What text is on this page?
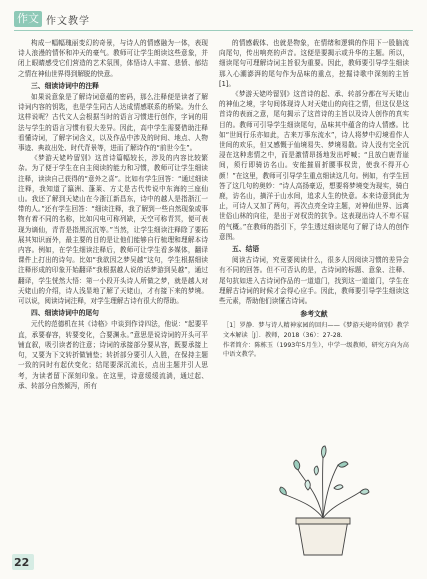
作文 作文教学

构成一幅幅瑰丽变幻的奇景，与诗人的情感融为一体，表现诗人浪漫的情怀和冲天的豪气。教师可让学生朗读这些意象，并闭上眼睛感受它们营造的艺术氛围，体悟诗人丰富、悲愤、郁结之情在神仙世界得到解脱的快意。

三、细读诗词中的注释

如果说意象是了解诗词意蕴的密码，那么注释便是读者了解诗词内容的钥匙，也是学生同古人达成情感联系的桥梁。为什么这样说呢？古代文人会根据当时的语言习惯进行创作，字词的用法与学生的语言习惯有很大差异。因此，高中学生需要借助注释看懂诗词，了解字词含义，以及作品中涉及的时间、地点、人物事迹、典故出处、时代背景等，进而了解诗作的“前世今生”。

《梦游天姥吟留别》这首诗篇幅较长，涉及的内容比较繁杂。为了便于学生在自主阅读的能力和习惯，教师可让学生细读注释，读读自己获得的“意外之喜”。比如有学生回答：“通过细读注释，我知道了瀛洲、蓬莱、方丈是古代传说中东海的三座仙山。我还了解到天姥山在今浙江新昌东，诗中的越人是指浙江一带的人。”还有学生回答：“细读注释，我了解到一些自然现象或事物有着不同的名称，比如闪电可称列缺，天空可称青冥，便可表现为谪仙，青青是指黑沉沉等。”当然，让学生细读注释除了要拓展其知识面外，最主要的目的是让他们能够自行梳理和理解本诗内容。例如，在学生细读注释后，教师可让学生看多媒体，翻译课件上打出的诗句。比如“我欲因之梦吴越”这句，学生根据细读注释形成的印象开始翻译“我根据越人说的话梦游到吴越”，通过翻译，学生恍然大悟：第一小段开头诗人所做之梦，就是越人对天姥山的介绍，诗人浅显地了解了天姥山，才有接下来的梦境。可以说，阅读诗词注释，对学生理解古诗有很大的帮助。

四、细读诗词中的尾句

元代的范德机在其《诗格》中谈到作诗四法，他说：“起要平直，承要春容，转要变化，合要渊永。”意思是说诗词的开头可平铺直叙，吸引读者的注意；诗词的承接部分要从容，既要承接上句，又要为下文转折做铺垫；转折部分要引人入胜，在保持主题一致的同时有起伏变化；结尾要深沉流长，点出主题并引人思考，为读者留下深刻印象。在这里，诗意缓缓流淌，通过起、承、转部分自然倾泻，所有

的情感载体、也就是物象，在情绪和逻辑的作用下一股脑流向尾句，传出响亮的声音。这便是要揭示或升华的主题。所以，细读尾句可理解诗词主旨很为重要。因此，教师要引导学生细读那入心潮澎湃的尾句作为品味的重点，挖掘诗歌中深刻的主旨[1]。

《梦游天姥吟留别》这首诗的起、承、转部分都在写天姥山的神仙之境，字句间体现诗人对天姥山的向往之情，但这仅是这首诗的表面之意，尾句揭示了这首诗的主旨以及诗人创作的真实目的。教师可引导学生细读尾句，品味其中蕴含的诗人情感。比如“世间行乐亦如此，古来万事东流水”，诗人将梦中幻境看作人世间的欢乐，但又感慨于仙境易失、梦境易散。诗人没有完全沉浸在这种悲情之中，而是激情昂扬地发出呼喊；“且放白鹿青崖间，须行即骑访名山。安能摧眉折腰事权贵，使我不得开心颜！”在这里，教师可引导学生重点细读这几句。例如，有学生回答了这几句的奥妙：“诗人高扬豪迈，想要将梦境变为现实，骑白鹿，访名山，摘洋于山水间，追求人生的快意。本来诗意到此为止，可诗人又加了两句，再次点亮全诗主题，对神仙世界、远离世俗山林的向往，是出于对权贵的抗争。这表现出诗人不卑不屈的气概。”在教师的指引下，学生透过细读尾句了解了诗人的创作意图。

五、结语

阅读古诗词，究竟要阅读什么，很多人因阅读习惯的差异会有不同的回答。但不可否认的是，古诗词的标题、意象、注释、尾句抗如进入古诗词作品的一道道门，找到这一道道门，学生在理解古诗词的时候才会得心应手。因此，教师要引导学生细读这些元素，帮助他们读懂古诗词。

参考文献

［1］罗静．梦与诗人精神家园的回归——《梦游天姥吟留别》教学文本解读［J］．教师，2018（36）：27-28．

作者简介：陈栋玉（1993年5月生），中学一级教师，研究方向为高中语文教学。

22
